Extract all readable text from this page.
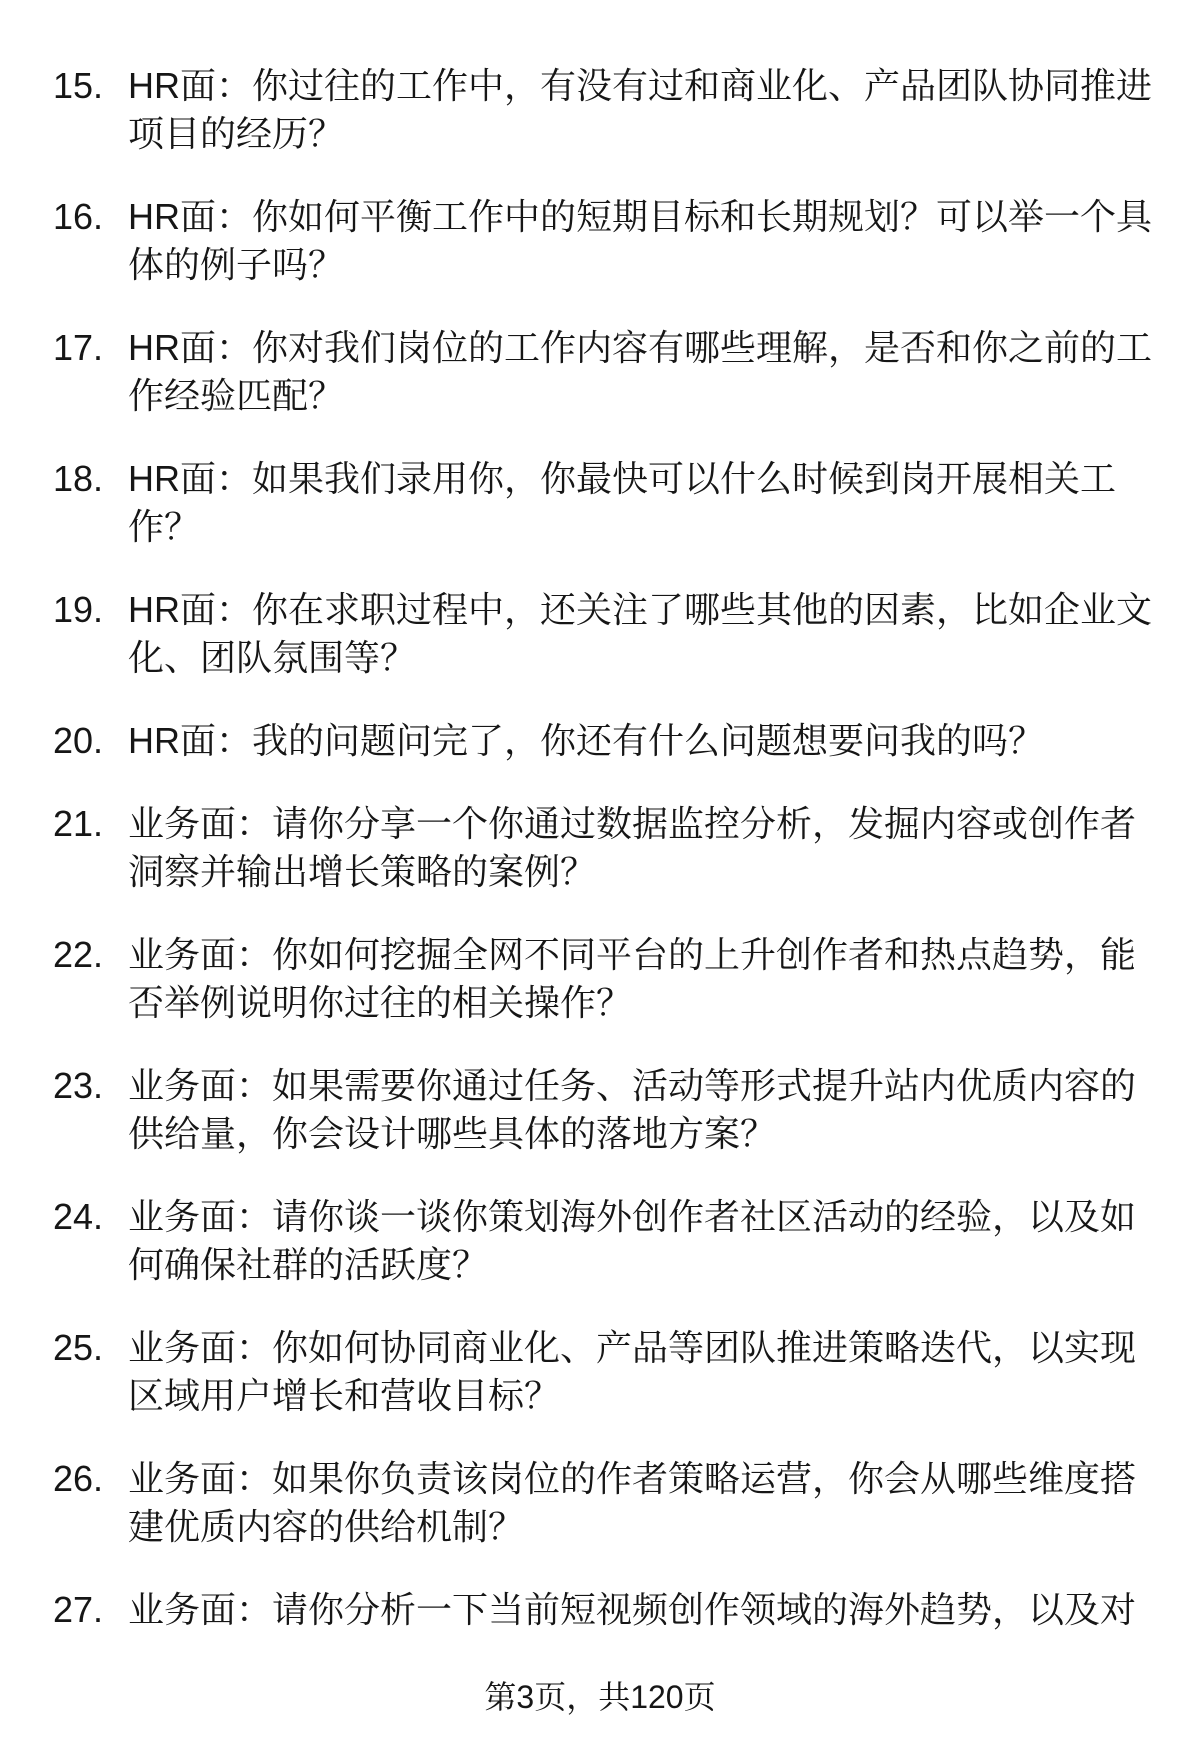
15. HR面：你过往的工作中，有没有过和商业化、产品团队协同推进
项目的经历？
16. HR面：你如何平衡工作中的短期目标和长期规划？可以举一个具
体的例子吗？
17. HR面：你对我们岗位的工作内容有哪些理解，是否和你之前的工
作经验匹配？
18. HR面：如果我们录用你，你最快可以什么时候到岗开展相关工
作？
19. HR面：你在求职过程中，还关注了哪些其他的因素，比如企业文
化、团队氛围等？
20. HR面：我的问题问完了，你还有什么问题想要问我的吗？
21. 业务面：请你分享一个你通过数据监控分析，发掘内容或创作者
洞察并输出增长策略的案例？
22. 业务面：你如何挖掘全网不同平台的上升创作者和热点趋势，能
否举例说明你过往的相关操作？
23. 业务面：如果需要你通过任务、活动等形式提升站内优质内容的
供给量，你会设计哪些具体的落地方案？
24. 业务面：请你谈一谈你策划海外创作者社区活动的经验，以及如
何确保社群的活跃度？
25. 业务面：你如何协同商业化、产品等团队推进策略迭代，以实现
区域用户增长和营收目标？
26. 业务面：如果你负责该岗位的作者策略运营，你会从哪些维度搭
建优质内容的供给机制？
27. 业务面：请你分析一下当前短视频创作领域的海外趋势，以及对
第3页，共120页
